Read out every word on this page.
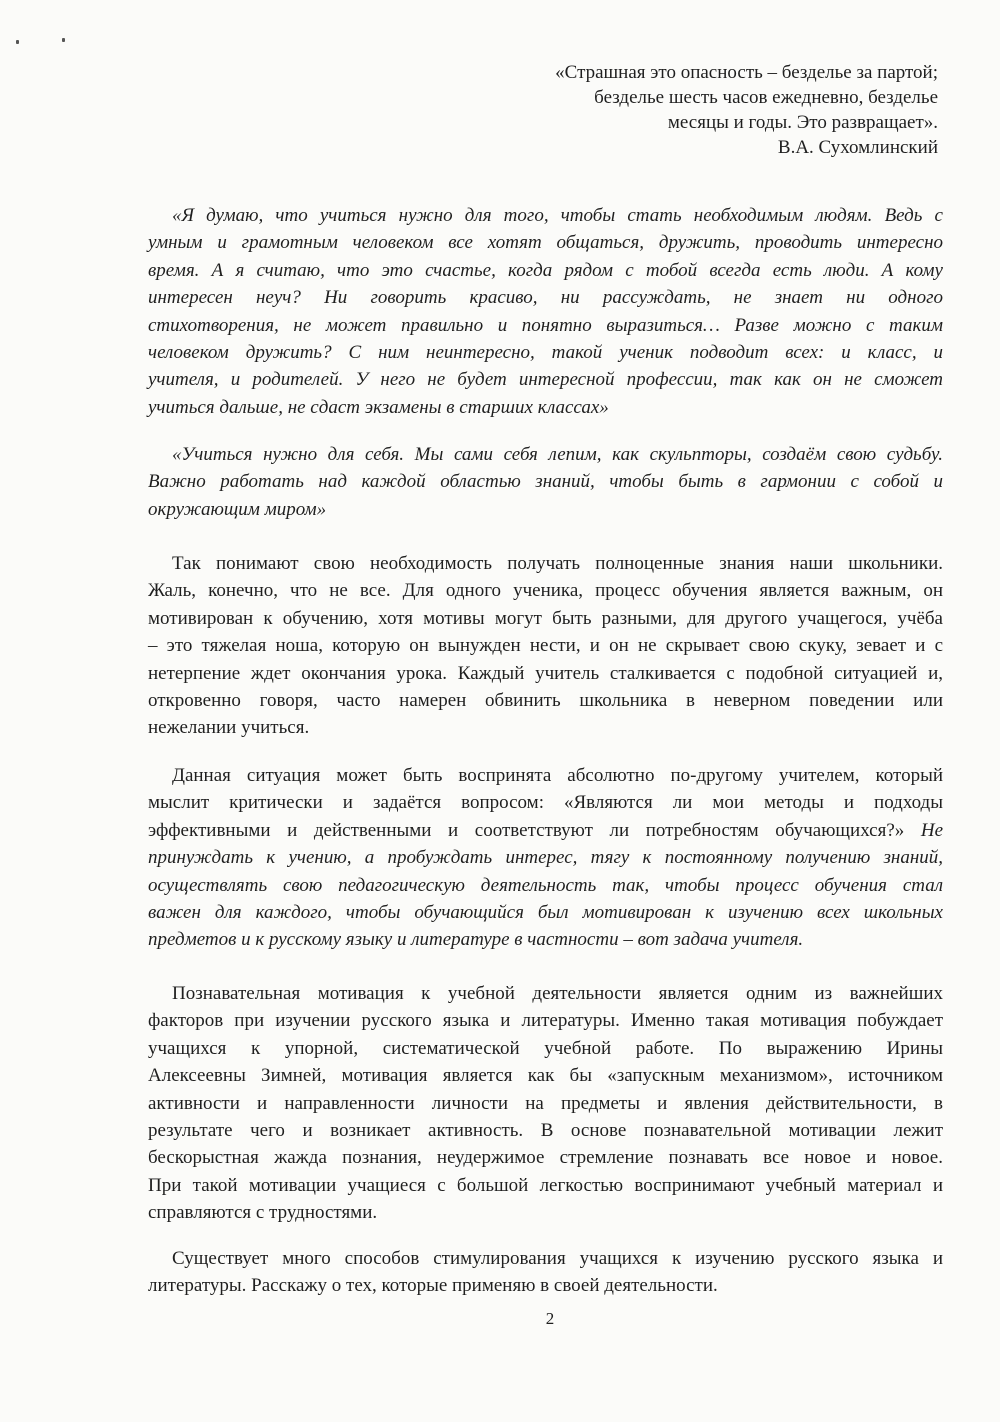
«Страшная это опасность – безделье за партой;
безделье шесть часов ежедневно, безделье
месяцы и годы. Это развращает».
В.А. Сухомлинский
«Я думаю, что учиться нужно для того, чтобы стать необходимым людям. Ведь с
умным и грамотным человеком все хотят общаться, дружить, проводить интересно
время. А я считаю, что это счастье, когда рядом с тобой всегда есть люди. А кому
интересен неуч? Ни говорить красиво, ни рассуждать, не знает ни одного
стихотворения, не может правильно и понятно выразиться… Разве можно с таким
человеком дружить? С ним неинтересно, такой ученик подводит всех: и класс, и
учителя, и родителей. У него не будет интересной профессии, так как он не сможет
учиться дальше, не сдаст экзамены в старших классах»
«Учиться нужно для себя. Мы сами себя лепим, как скульпторы, создаём свою судьбу.
Важно работать над каждой областью знаний, чтобы быть в гармонии с собой и
окружающим миром»
Так понимают свою необходимость получать полноценные знания наши школьники.
Жаль, конечно, что не все. Для одного ученика, процесс обучения является важным, он
мотивирован к обучению, хотя мотивы могут быть разными, для другого учащегося, учёба
– это тяжелая ноша, которую он вынужден нести, и он не скрывает свою скуку, зевает и с
нетерпение ждет окончания урока. Каждый учитель сталкивается с подобной ситуацией и,
откровенно говоря, часто намерен обвинить школьника в неверном поведении или
нежелании учиться.
Данная ситуация может быть воспринята абсолютно по-другому учителем, который
мыслит критически и задаётся вопросом: «Являются ли мои методы и подходы
эффективными и действенными и соответствуют ли потребностям обучающихся?» Не
принуждать к учению, а пробуждать интерес, тягу к постоянному получению знаний,
осуществлять свою педагогическую деятельность так, чтобы процесс обучения стал
важен для каждого, чтобы обучающийся был мотивирован к изучению всех школьных
предметов и к русскому языку и литературе в частности – вот задача учителя.
Познавательная мотивация к учебной деятельности является одним из важнейших
факторов при изучении русского языка и литературы. Именно такая мотивация побуждает
учащихся к упорной, систематической учебной работе. По выражению Ирины
Алексеевны Зимней, мотивация является как бы «запускным механизмом», источником
активности и направленности личности на предметы и явления действительности, в
результате чего и возникает активность. В основе познавательной мотивации лежит
бескорыстная жажда познания, неудержимое стремление познавать все новое и новое.
При такой мотивации учащиеся с большой легкостью воспринимают учебный материал и
справляются с трудностями.
Существует много способов стимулирования учащихся к изучению русского языка и
литературы. Расскажу о тех, которые применяю в своей деятельности.
2
